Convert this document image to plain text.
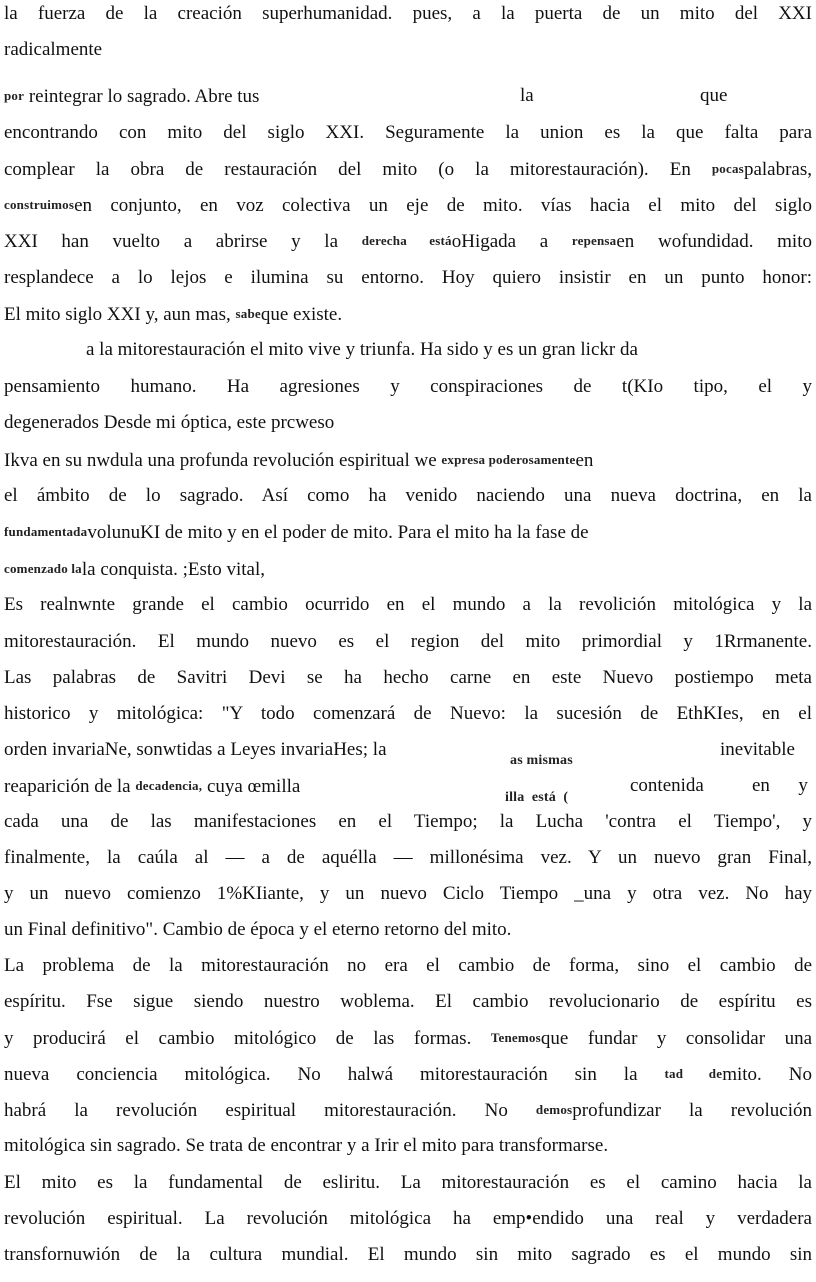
la fuerza de la creación superhumanidad. pues, a la puerta de un mito del XXI
radicalmente
por reintegrar lo sagrado. Abre tus
encontrando con mito del siglo XXI. Seguramente la union es la que falta para
complear la obra de restauración del mito (o la mitorestauración). En pocaspalabras,
construimosen conjunto, en voz colectiva un eje de mito. vías hacia el mito del siglo
XXI han vuelto a abrirse y la derecha estáoHigada a repensaen wofundidad. mito
resplandece a lo lejos e ilumina su entorno. Hoy quiero insistir en un punto honor:
El mito siglo XXI y, aun mas, sabeque existe.
a la mitorestauración el mito vive y triunfa. Ha sido y es un gran lickr da
pensamiento humano. Ha agresiones y conspiraciones de t(KIo tipo, el y
degenerados Desde mi óptica, este prcweso
Ikva en su nwdula una profunda revolución espiritual we expresa poderosamenteen
el ámbito de lo sagrado. Así como ha venido naciendo una nueva doctrina, en la
fundamentadavolunuKI de mito y en el poder de mito. Para el mito ha la fase de
comenzado lala conquista. ;Esto vital,
Es realnwnte grande el cambio ocurrido en el mundo a la revolición mitológica y la
mitorestauración. El mundo nuevo es el region del mito primordial y 1Rrmanente.
Las palabras de Savitri Devi se ha hecho carne en este Nuevo postiempo meta
historico y mitológica: "Y todo comenzará de Nuevo: la sucesión de EthKIes, en el
orden invariaNe, sonwtidas a Leyes invariaHes; la
reaparición de la decadencia, cuya œmilla
cada una de las manifestaciones en el Tiempo; la Lucha 'contra el Tiempo', y
finalmente, la caúla al — a de aquélla — millonésima vez. Y un nuevo gran Final,
y un nuevo comienzo 1%KIiante, y un nuevo Ciclo Tiempo _una y otra vez. No hay
un Final definitivo". Cambio de época y el eterno retorno del mito.
La problema de la mitorestauración no era el cambio de forma, sino el cambio de
espíritu. Fse sigue siendo nuestro woblema. El cambio revolucionario de espíritu es
y producirá el cambio mitológico de las formas. Tenemosque fundar y consolidar una
nueva conciencia mitológica. No halwá mitorestauración sin la tad demito. No
habrá la revolución espiritual mitorestauración. No demosprofundizar la revolución
mitológica sin sagrado. Se trata de encontrar y a Irir el mito para transformarse.
El mito es la fundamental de esliritu. La mitorestauración es el camino hacia la
revolución espiritual. La revolución mitológica ha emp•endido una real y verdadera
transfornuwión de la cultura mundial. El mundo sin mito sagrado es el mundo sin
la	que
as mismas
inevitable
contenida	en      y
illa  está  (
